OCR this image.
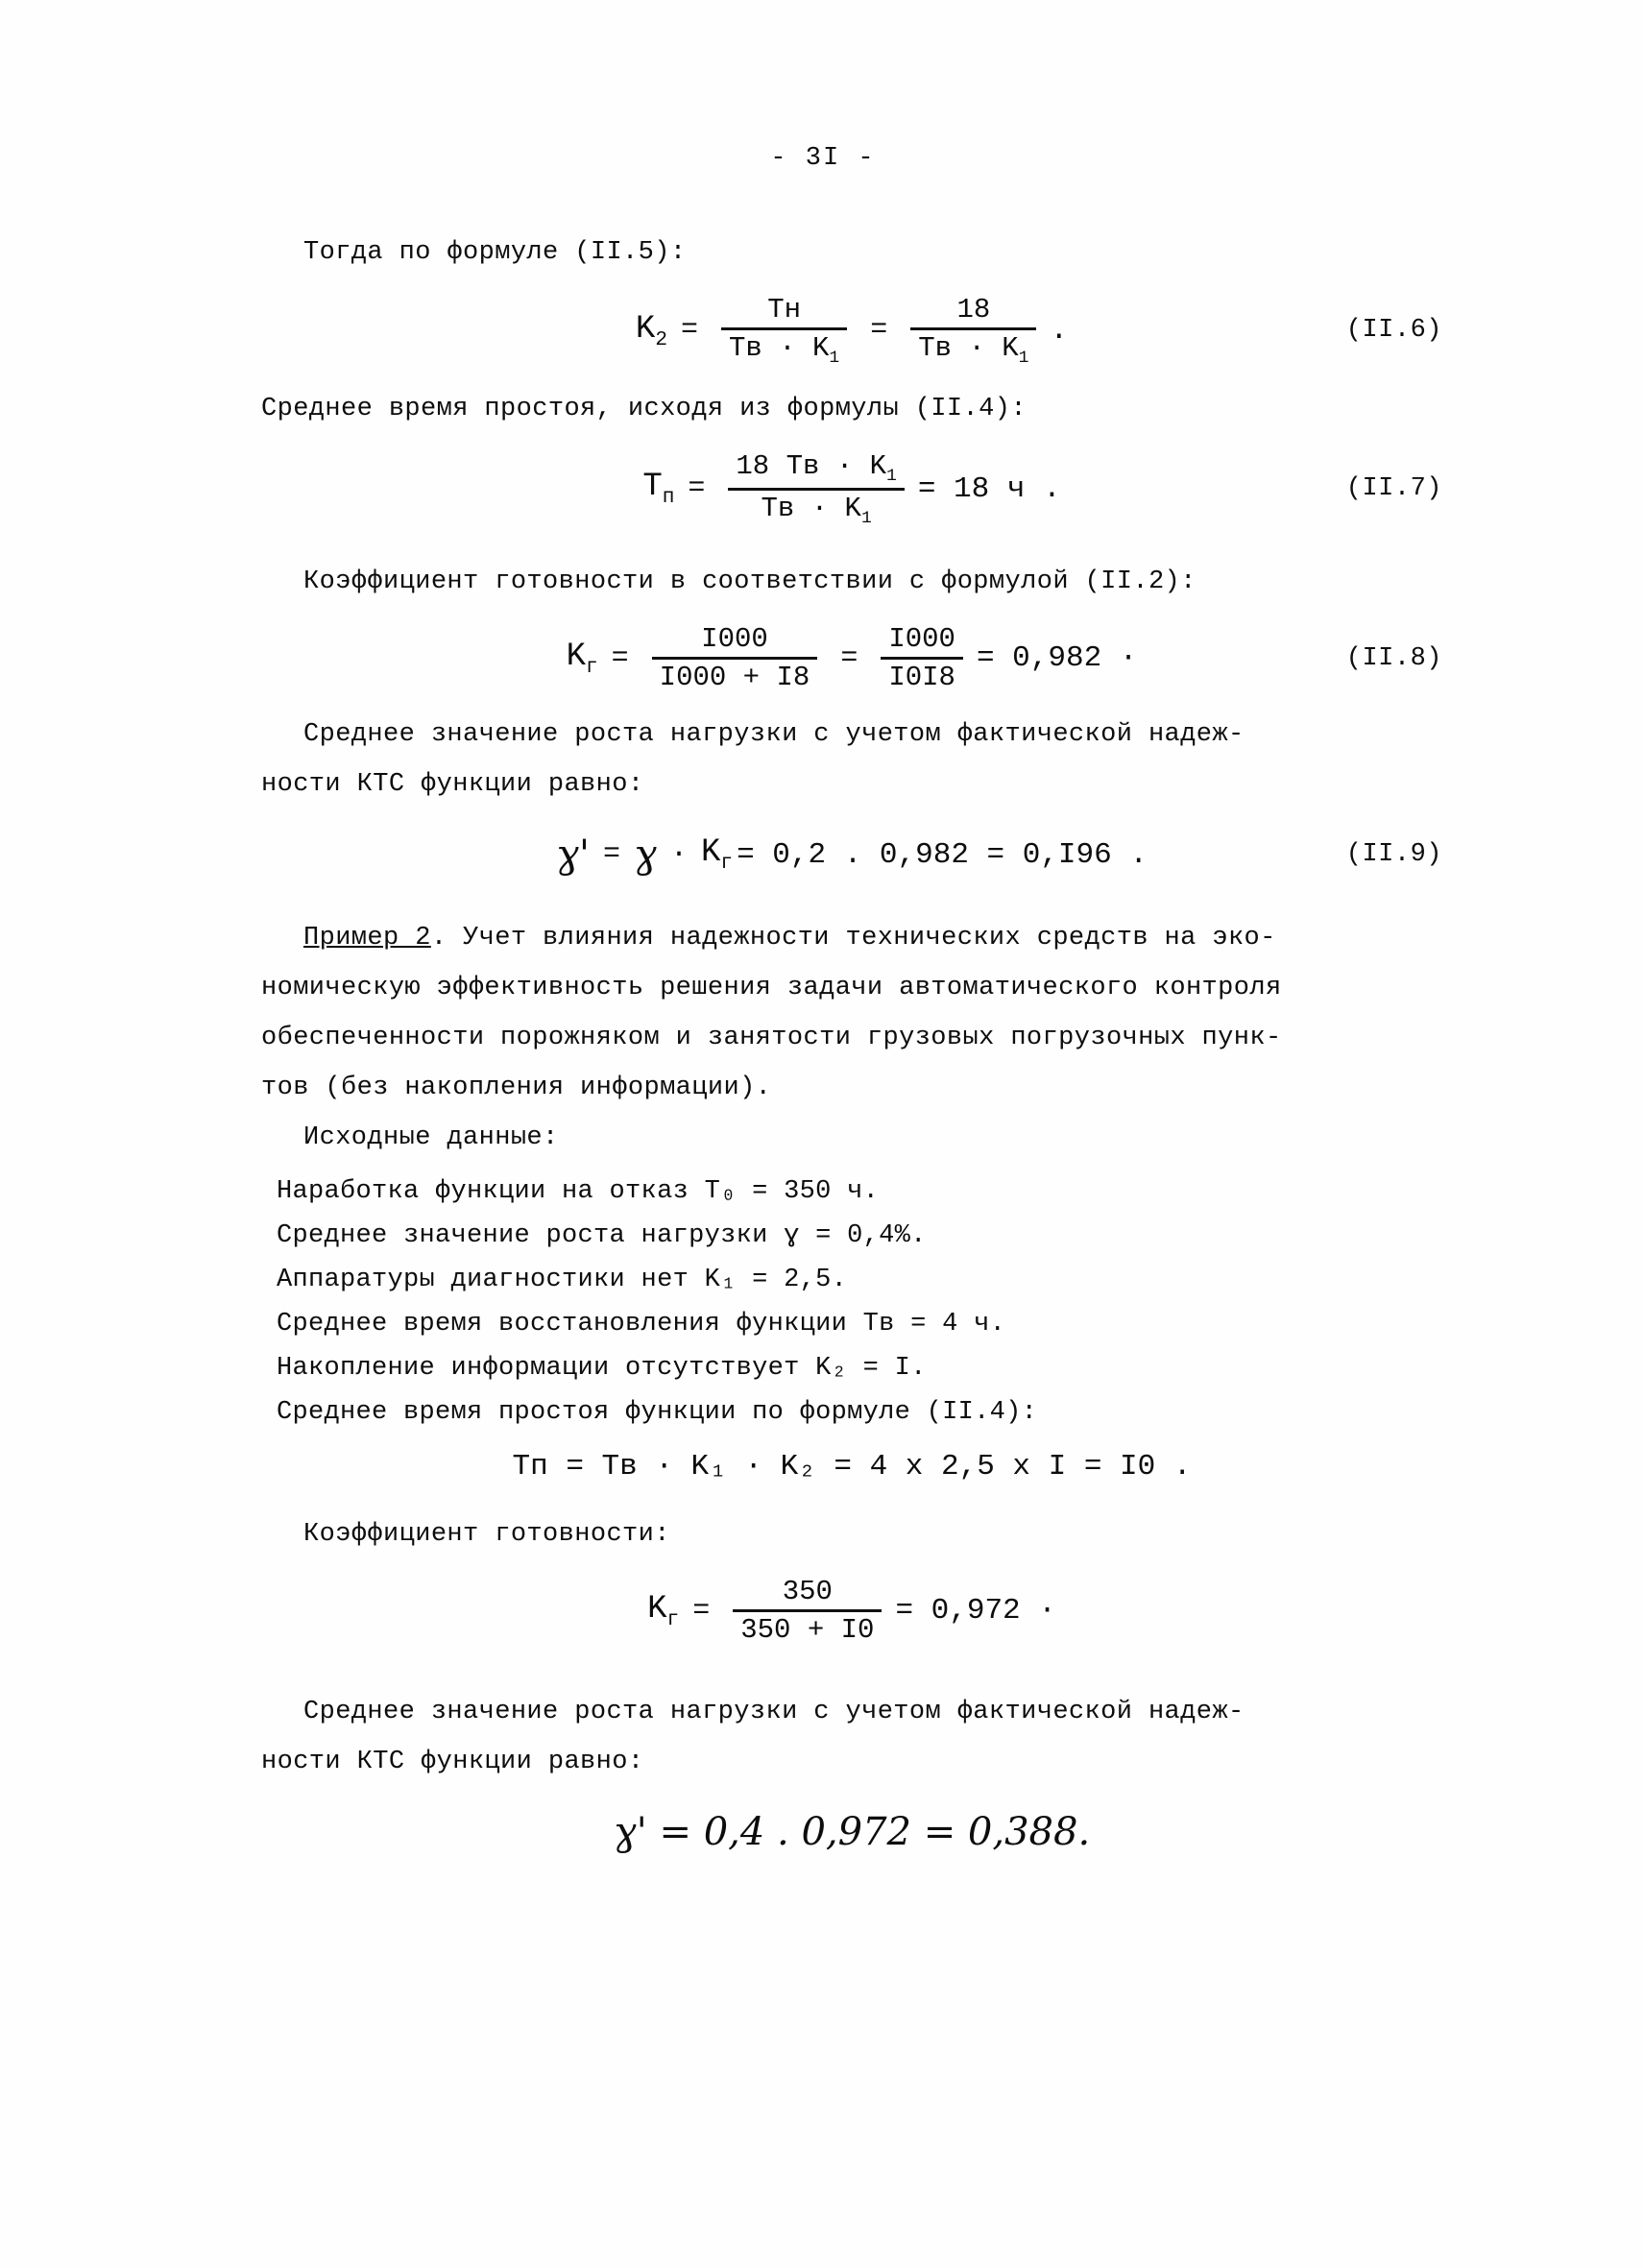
- 3I -

Тогда по формуле (II.5):

$K_2 = \frac{Tн}{Tв \cdot K_1} = \frac{18}{Tв \cdot K_1}$ .	(II.6)

Среднее время простоя, исходя из формулы (II.4):

$T_п = \frac{18 Tв \cdot K_1}{Tв \cdot K_1} = 18$ ч .	(II.7)

Коэффициент готовности в соответствии с формулой (II.2):

$K_г = \frac{I000}{I000 + I8} = \frac{I000}{I0I8} = 0,982$ ·	(II.8)

Среднее значение роста нагрузки с учетом фактической надеж-

ности КТС функции равно:

ɣ' = ɣ · $K_г = 0,2$ . 0,982 = 0,I96 .	(II.9)

Пример 2. Учет влияния надежности технических средств на эко-

номическую эффективность решения задачи автоматического контроля

обеспеченности порожняком и занятости грузовых погрузочных пунк-

тов (без накопления информации).

Исходные данные:

Наработка функции на отказ T₀ = 350 ч.

Среднее значение роста нагрузки ɣ = 0,4%.

Аппаратуры диагностики нет K₁ = 2,5.

Среднее время восстановления функции Tв = 4 ч.

Накопление информации отсутствует K₂ = I.

Среднее время простоя функции по формуле (II.4):

Tп = Tв · K₁ · K₂ = 4 x 2,5 x I = I0 .

Коэффициент готовности:

$K_г = \frac{350}{350 + I0} = 0,972$ ·

Среднее значение роста нагрузки с учетом фактической надеж-

ности КТС функции равно:

ɣ' = 0,4 . 0,972 = 0,388.
